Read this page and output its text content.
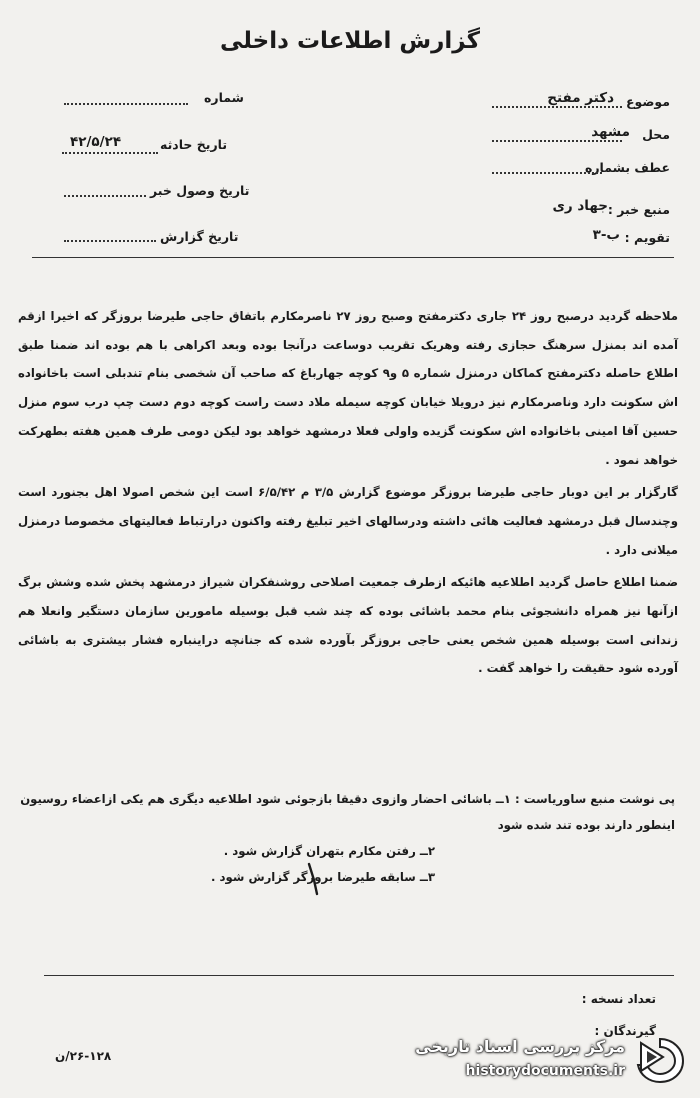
گزارش اطلاعات داخلی
شماره
تاریخ حادثه
۴۲/۵/۲۴
تاریخ وصول خبر
تاریخ گزارش
موضوع
دکتر مفتح
محل
مشهد
عطف بشماره
منبع خبر :
جهاد ری
تقویم :
ب-۳

ملاحظه گردید درصبح روز ۲۴ جاری دکترمفتح وصبح روز ۲۷ ناصرمکارم باتفاق حاجی طیرضا بروزگر که اخیرا ازقم آمده اند بمنزل سرهنگ حجازی رفته وهریک تقریب دوساعت درآنجا بوده وبعد اکراهی با هم بوده اند ضمنا طبق اطلاع حاصله دکترمفتح کماکان درمنزل شماره ۵ و۹ کوچه جهارباغ که صاحب آن شخصی بنام تندبلی است باخانواده اش سکونت دارد وناصرمکارم نیز درویلا خیابان کوچه سیمله ملاد دست راست کوچه دوم دست چپ درب سوم منزل حسین آقا امینی باخانواده اش سکونت گزیده واولی فعلا درمشهد خواهد بود لیکن دومی طرف همین هفته بطهرکت خواهد نمود .

گارگزار بر این دوبار حاجی طیرضا بروزگر موضوع گزارش ۳/۵ م ۶/۵/۴۲ است این شخص اصولا اهل بجنورد است وچندسال قبل درمشهد فعالیت هائی داشته ودرسالهای اخیر تبلیغ رفته واکنون درارتباط فعالیتهای مخصوصا درمنزل میلانی دارد .

ضمنا اطلاع حاصل گردید اطلاعیه هائیکه ازطرف جمعیت اصلاحی روشنفکران شیراز درمشهد پخش شده وشش برگ ازآنها نیز همراه دانشجوئی بنام محمد باشائی بوده که چند شب قبل بوسیله مامورین سازمان دستگیر وانعلا هم زندانی است بوسیله همین شخص یعنی حاجی بروزگر بآورده شده که جنانچه دراینباره فشار بیشتری به باشائی آورده شود حقیقت را خواهد گفت .

پی نوشت منبع ساوریاست : ۱ــ باشائی احضار وازوی دقیقا بازجوئی شود اطلاعیه دیگری هم یکی ازاعضاء روسیون اینطور دارند بوده تند شده شود

۲ــ رفتن مکارم بتهران گزارش شود .

۳ــ سابقه طیرضا بروزگر گزارش شود .

تعداد نسخه :
گیرندگان :
۲۶-۱۲۸/ن	مرکز بررسی اسناد تاریخی
historydocuments.ir
